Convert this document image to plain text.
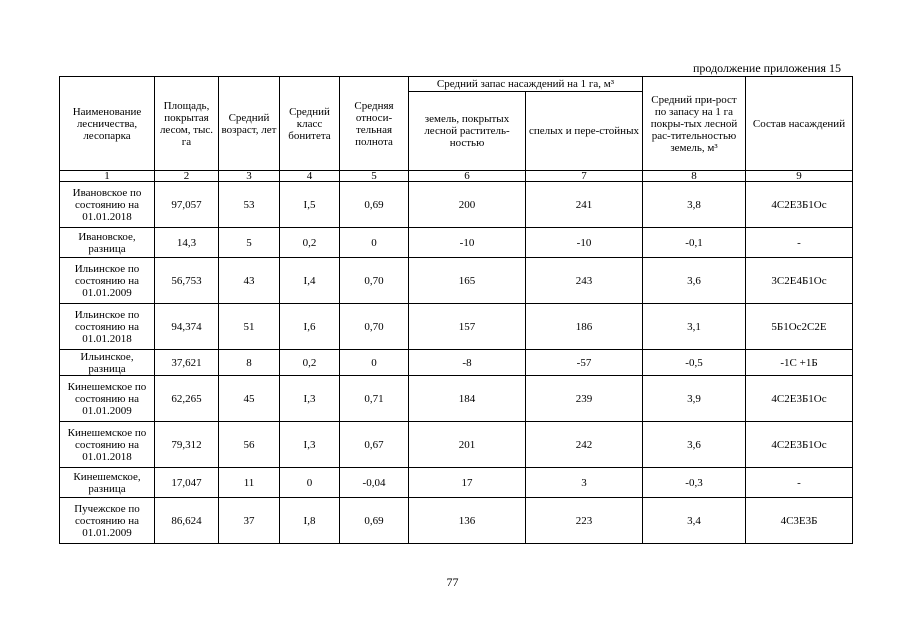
продолжение приложения 15
Наименование лесничества, лесопарка	Площадь, покрытая лесом, тыс. га	Средний возраст, лет	Средний класс бонитета	Средняя относи-тельная полнота	Средний запас насаждений на 1 га, м³		Средний при-рост по запасу на 1 га покры-тых лесной рас-тительностью земель, м³	Состав насаждений
					земель, покрытых лесной раститель-ностью	спелых и пере-стойных		
1	2	3	4	5	6	7	8	9
Ивановское по состоянию на 01.01.2018	97,057	53	I,5	0,69	200	241	3,8	4С2Е3Б1Ос
Ивановское, разница	14,3	5	0,2	0	-10	-10	-0,1	-
Ильинское по состоянию на 01.01.2009	56,753	43	I,4	0,70	165	243	3,6	3С2Е4Б1Ос
Ильинское по состоянию на 01.01.2018	94,374	51	I,6	0,70	157	186	3,1	5Б1Ос2С2Е
Ильинское, разница	37,621	8	0,2	0	-8	-57	-0,5	-1С +1Б
Кинешемское по состоянию на 01.01.2009	62,265	45	I,3	0,71	184	239	3,9	4С2Е3Б1Ос
Кинешемское по состоянию на 01.01.2018	79,312	56	I,3	0,67	201	242	3,6	4С2Е3Б1Ос
Кинешемское, разница	17,047	11	0	-0,04	17	3	-0,3	-
Пучежское по состоянию на 01.01.2009	86,624	37	I,8	0,69	136	223	3,4	4С3Е3Б
77
